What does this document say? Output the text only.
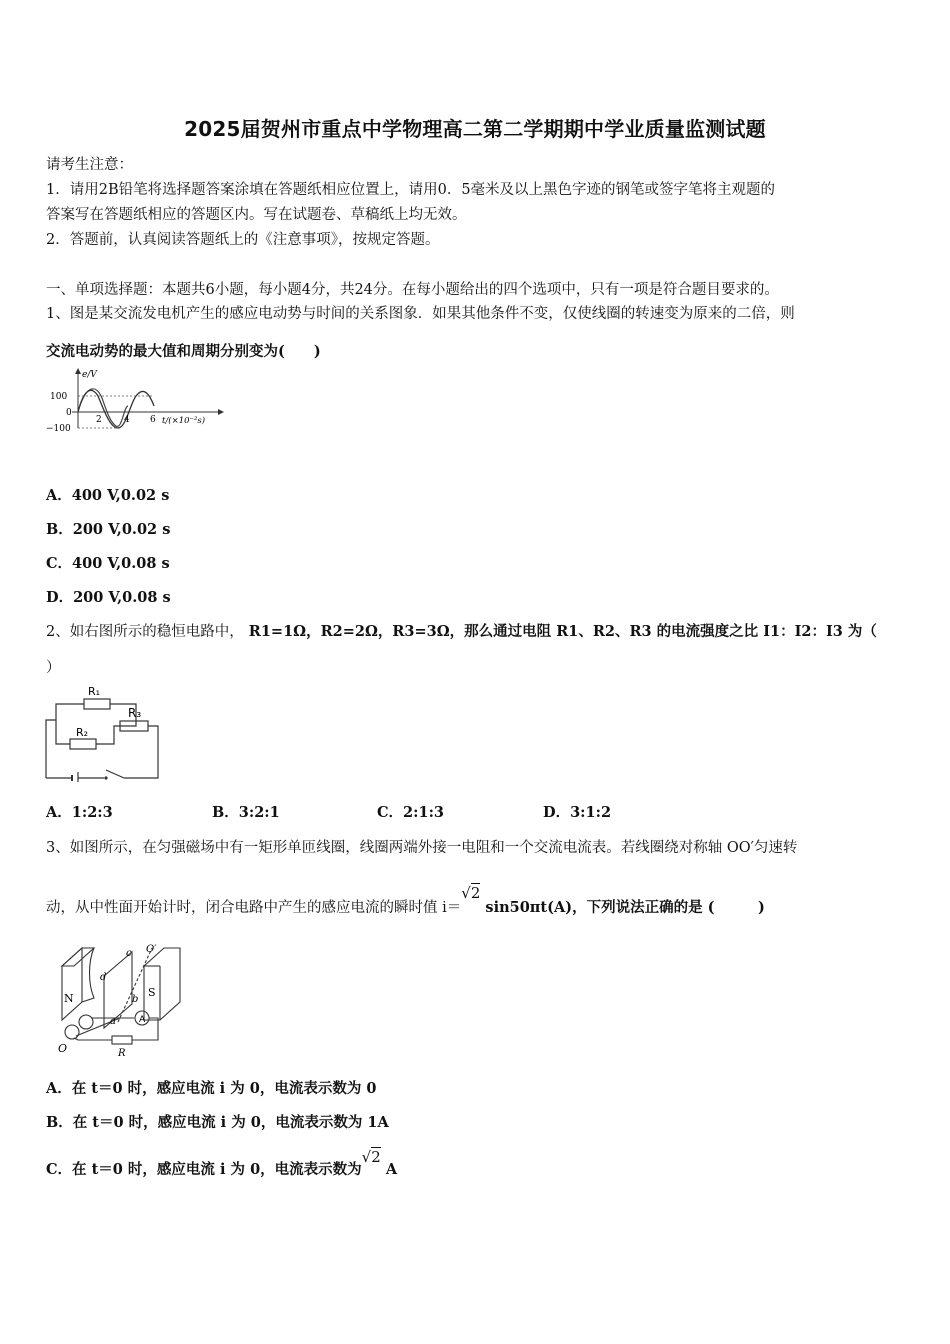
2025届贺州市重点中学物理高二第二学期期中学业质量监测试题
请考生注意：
1．请用2B铅笔将选择题答案涂填在答题纸相应位置上，请用0．5毫米及以上黑色字迹的钢笔或签字笔将主观题的
答案写在答题纸相应的答题区内。写在试题卷、草稿纸上均无效。
2．答题前，认真阅读答题纸上的《注意事项》，按规定答题。
一、单项选择题：本题共6小题，每小题4分，共24分。在每小题给出的四个选项中，只有一项是符合题目要求的。
1、图是某交流发电机产生的感应电动势与时间的关系图象．如果其他条件不变，仅使线圈的转速变为原来的二倍，则
交流电动势的最大值和周期分别变为(　　)
e/V
100
0
−100
2 4 6 t/(×10⁻²s)
A．400 V,0.02 s
B．200 V,0.02 s
C．400 V,0.08 s
D．200 V,0.08 s
2、如右图所示的稳恒电路中， R1=1Ω，R2=2Ω，R3=3Ω，那么通过电阻 R1、R2、R3 的电流强度之比 I1：I2：I3 为（
）
R₁
R₂
R₃
A．1:2:3	B．3:2:1	C．2:1:3	D．3:1:2
3、如图所示，在匀强磁场中有一矩形单匝线圈，线圈两端外接一电阻和一个交流电流表。若线圈绕对称轴 OO′匀速转
动，从中性面开始计时，闭合电路中产生的感应电流的瞬时值 i＝√2 sin50πt(A)，下列说法正确的是 (　　　)
N	S
a
b
c
d
O′
O
A
R
A．在 t＝0 时，感应电流 i 为 0，电流表示数为 0
B．在 t＝0 时，感应电流 i 为 0，电流表示数为 1A
C．在 t＝0 时，感应电流 i 为 0，电流表示数为√2 A
